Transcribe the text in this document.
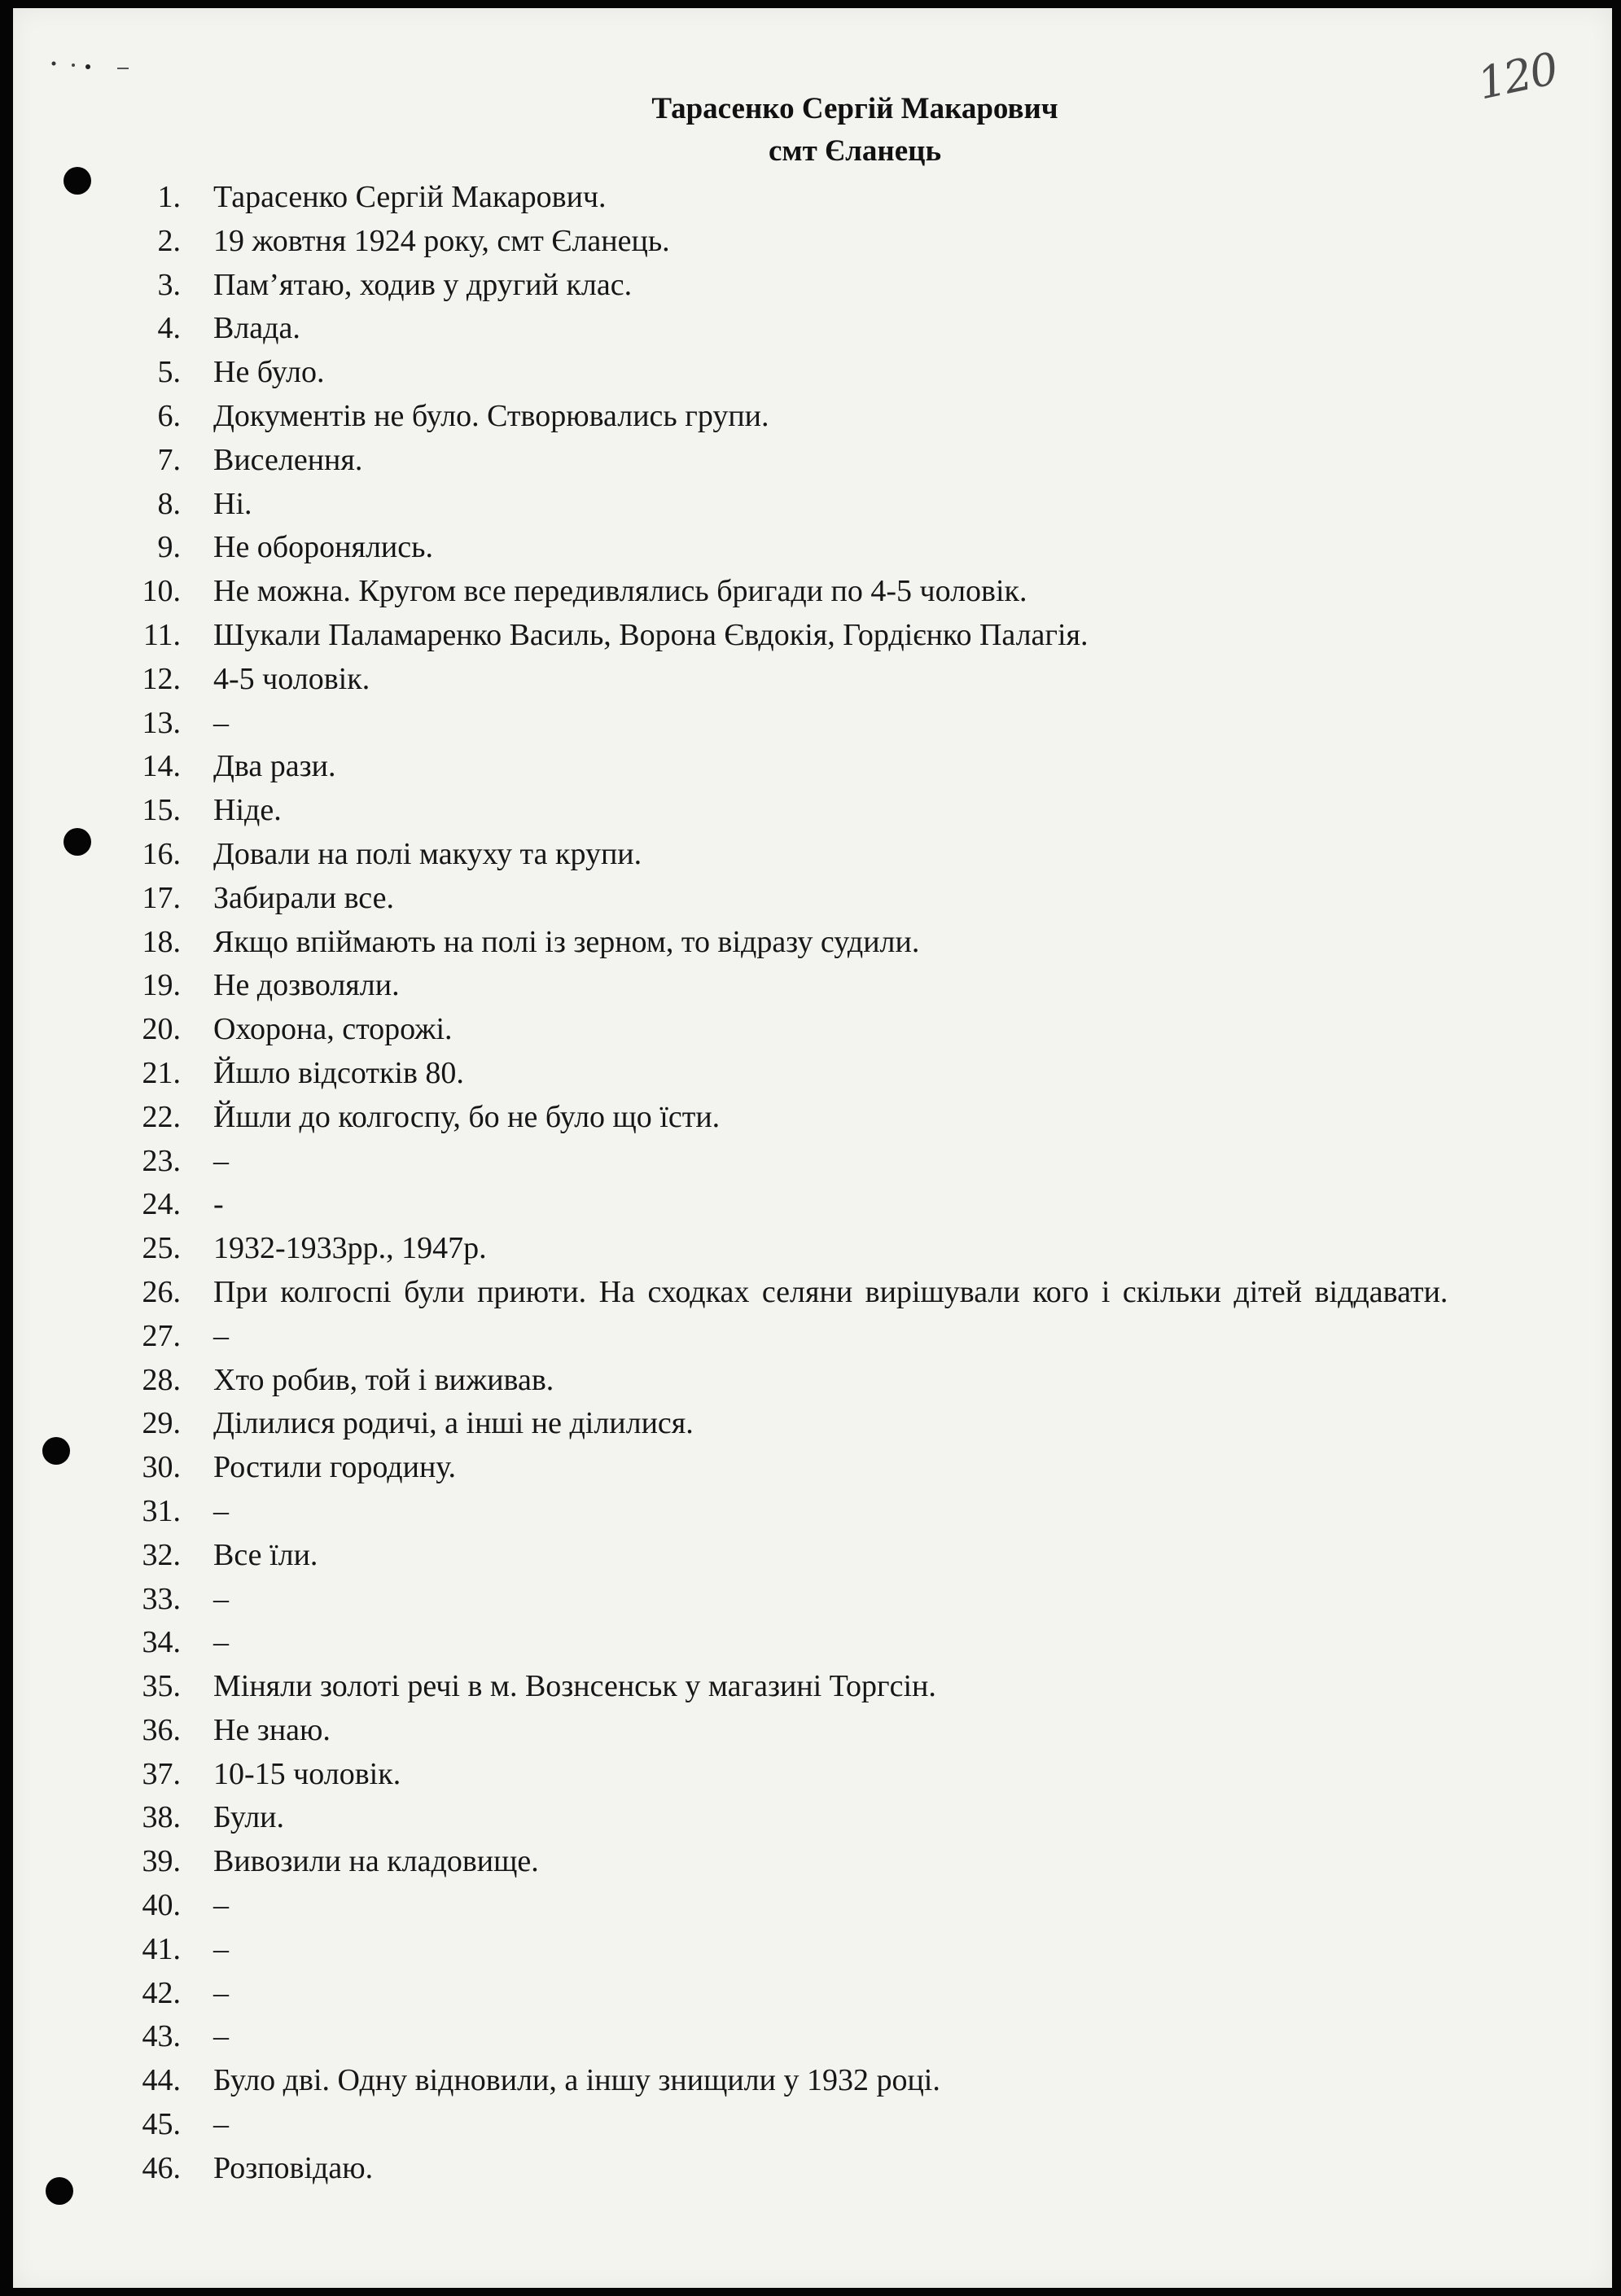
120
Тарасенко Сергій Макарович
смт Єланець
1. Тарасенко Сергій Макарович.
2. 19 жовтня 1924 року, смт Єланець.
3. Пам’ятаю, ходив у другий клас.
4. Влада.
5. Не було.
6. Документів не було. Створювались групи.
7. Виселення.
8. Ні.
9. Не оборонялись.
10. Не можна. Кругом все передивлялись бригади по 4-5 чоловік.
11. Шукали Паламаренко Василь, Ворона Євдокія, Гордієнко Палагія.
12. 4-5 чоловік.
13. –
14. Два рази.
15. Ніде.
16. Довали на полі макуху та крупи.
17. Забирали все.
18. Якщо впіймають на полі із зерном, то відразу судили.
19. Не дозволяли.
20. Охорона, сторожі.
21. Йшло відсотків 80.
22. Йшли до колгоспу, бо не було що їсти.
23. –
24. -
25. 1932-1933рр., 1947р.
26.	При колгоспі були приюти. На сходках селяни вирішували кого і скільки дітей віддавати.
27. –
28. Хто робив, той і виживав.
29. Ділилися родичі, а інші не ділилися.
30. Ростили городину.
31. –
32. Все їли.
33. –
34. –
35. Міняли золоті речі в м. Вознсенськ у магазині Торгсін.
36. Не знаю.
37. 10-15 чоловік.
38. Були.
39. Вивозили на кладовище.
40. –
41. –
42. –
43. –
44. Було дві. Одну відновили, а іншу знищили у 1932 році.
45. –
46. Розповідаю.
